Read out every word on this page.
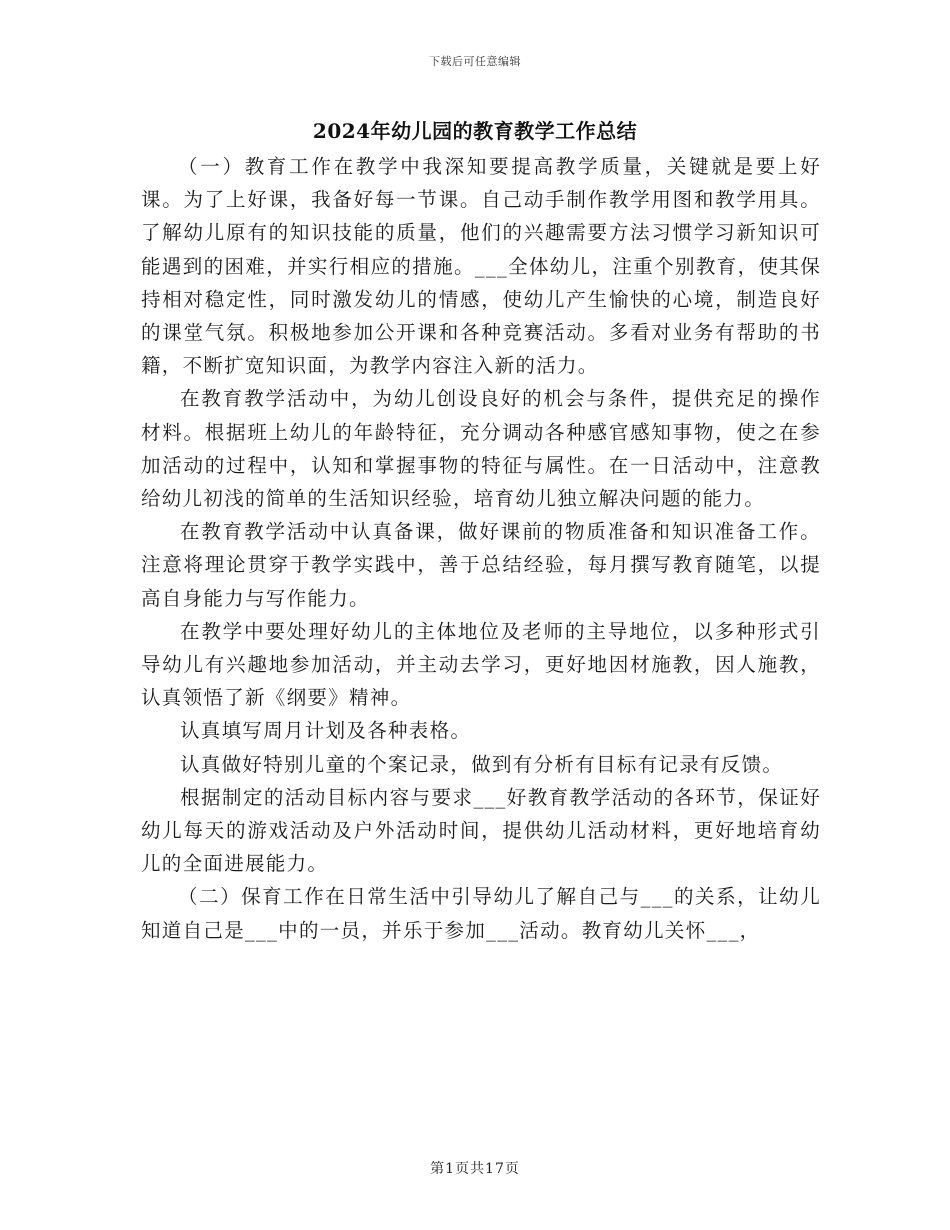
下载后可任意编辑
2024年幼儿园的教育教学工作总结

（一）教育工作在教学中我深知要提高教学质量，关键就是要上好课。为了上好课，我备好每一节课。自己动手制作教学用图和教学用具。了解幼儿原有的知识技能的质量，他们的兴趣需要方法习惯学习新知识可能遇到的困难，并实行相应的措施。___全体幼儿，注重个别教育，使其保持相对稳定性，同时激发幼儿的情感，使幼儿产生愉快的心境，制造良好的课堂气氛。积极地参加公开课和各种竞赛活动。多看对业务有帮助的书籍，不断扩宽知识面，为教学内容注入新的活力。

在教育教学活动中，为幼儿创设良好的机会与条件，提供充足的操作材料。根据班上幼儿的年龄特征，充分调动各种感官感知事物，使之在参加活动的过程中，认知和掌握事物的特征与属性。在一日活动中，注意教给幼儿初浅的简单的生活知识经验，培育幼儿独立解决问题的能力。

在教育教学活动中认真备课，做好课前的物质准备和知识准备工作。注意将理论贯穿于教学实践中，善于总结经验，每月撰写教育随笔，以提高自身能力与写作能力。

在教学中要处理好幼儿的主体地位及老师的主导地位，以多种形式引导幼儿有兴趣地参加活动，并主动去学习，更好地因材施教，因人施教，认真领悟了新《纲要》精神。

认真填写周月计划及各种表格。

认真做好特别儿童的个案记录，做到有分析有目标有记录有反馈。

根据制定的活动目标内容与要求___好教育教学活动的各环节，保证好幼儿每天的游戏活动及户外活动时间，提供幼儿活动材料，更好地培育幼儿的全面进展能力。

（二）保育工作在日常生活中引导幼儿了解自己与___的关系，让幼儿知道自己是___中的一员，并乐于参加___活动。教育幼儿关怀___，

第1页共17页
